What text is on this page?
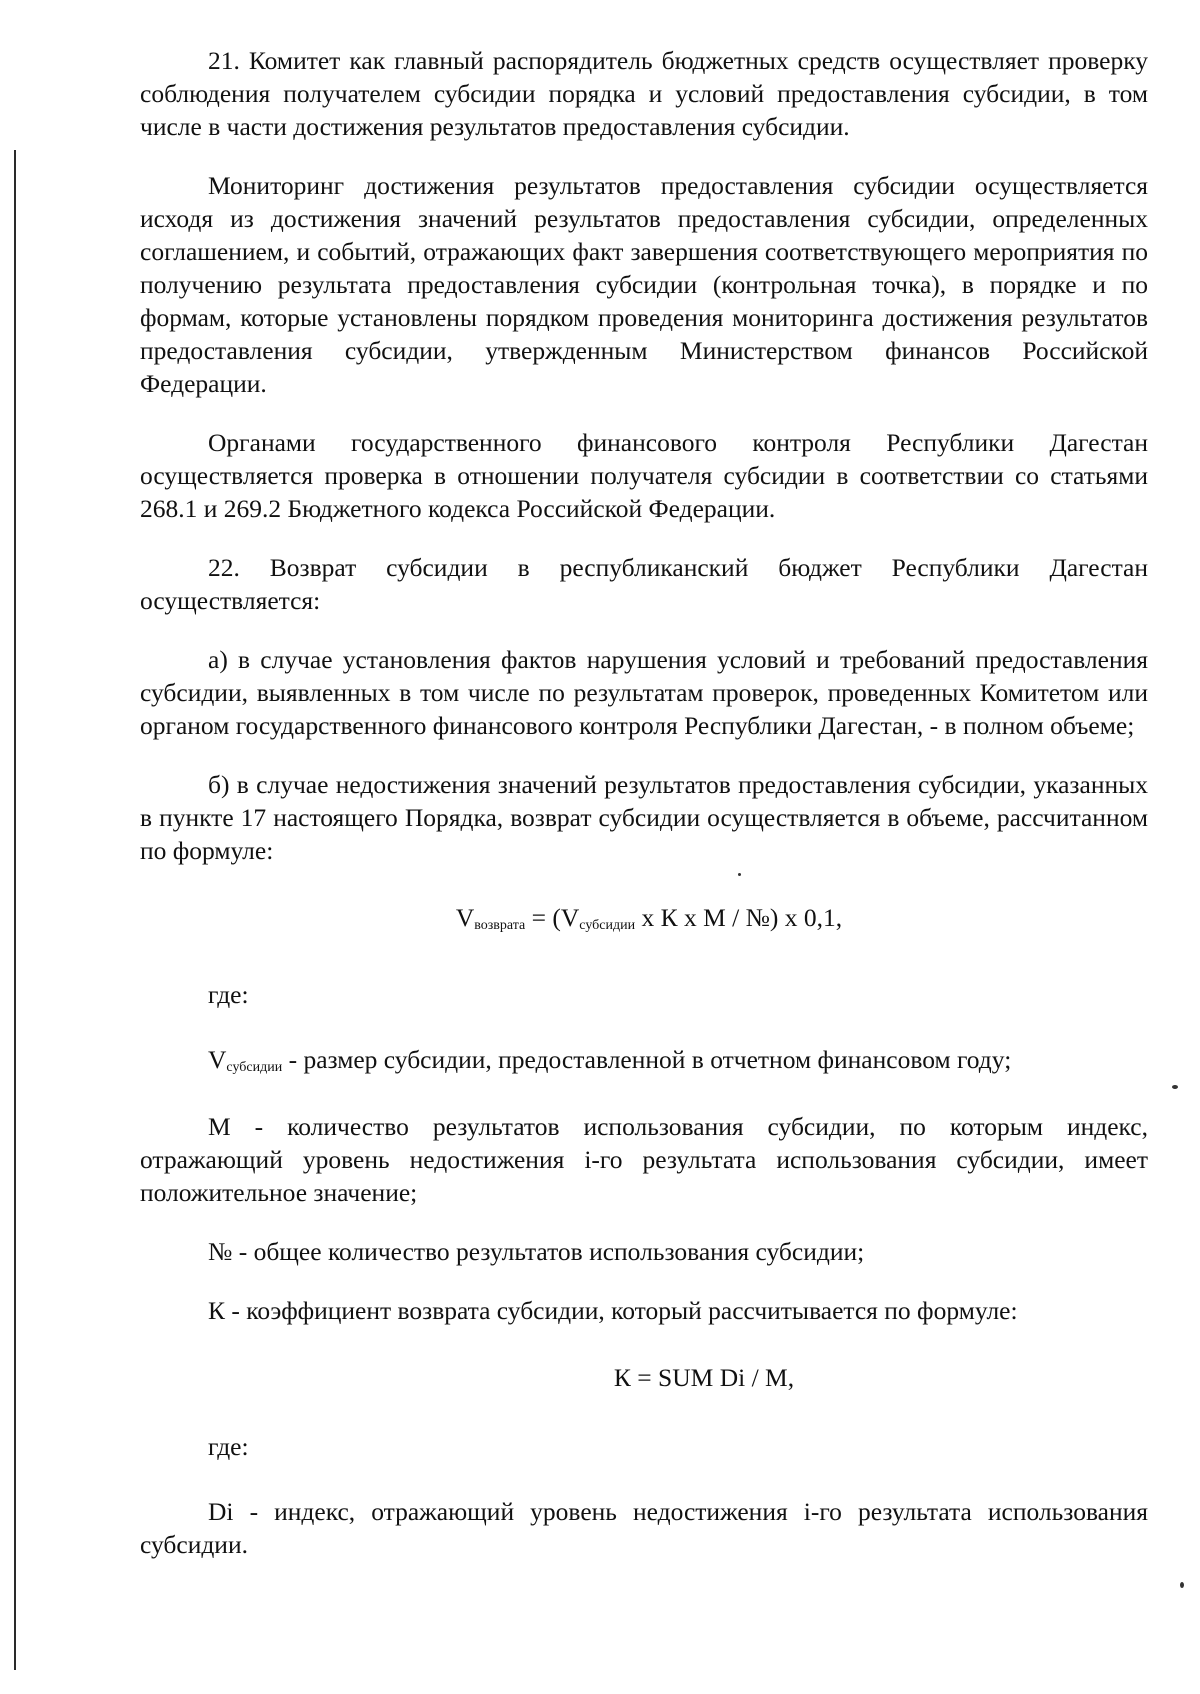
21. Комитет как главный распорядитель бюджетных средств осуществляет проверку соблюдения получателем субсидии порядка и условий предоставления субсидии, в том числе в части достижения результатов предоставления субсидии.

Мониторинг достижения результатов предоставления субсидии осуществляется исходя из достижения значений результатов предоставления субсидии, определенных соглашением, и событий, отражающих факт завершения соответствующего мероприятия по получению результата предоставления субсидии (контрольная точка), в порядке и по формам, которые установлены порядком проведения мониторинга достижения результатов предоставления субсидии, утвержденным Министерством финансов Российской Федерации.

Органами государственного финансового контроля Республики Дагестан осуществляется проверка в отношении получателя субсидии в соответствии со статьями 268.1 и 269.2 Бюджетного кодекса Российской Федерации.

22. Возврат субсидии в республиканский бюджет Республики Дагестан осуществляется:

а) в случае установления фактов нарушения условий и требований предоставления субсидии, выявленных в том числе по результатам проверок, проведенных Комитетом или органом государственного финансового контроля Республики Дагестан, - в полном объеме;

б) в случае недостижения значений результатов предоставления субсидии, указанных в пункте 17 настоящего Порядка, возврат субсидии осуществляется в объеме, рассчитанном по формуле:

$V_{возврата} = (V_{субсидии}$ х К х М / №) х 0,1,

где:

$V_{субсидии}$ - размер субсидии, предоставленной в отчетном финансовом году;

М - количество результатов использования субсидии, по которым индекс, отражающий уровень недостижения i-го результата использования субсидии, имеет положительное значение;

№ - общее количество результатов использования субсидии;

К - коэффициент возврата субсидии, который рассчитывается по формуле:

К = SUM Di / М,

где:

Di - индекс, отражающий уровень недостижения i-го результата использования субсидии.
